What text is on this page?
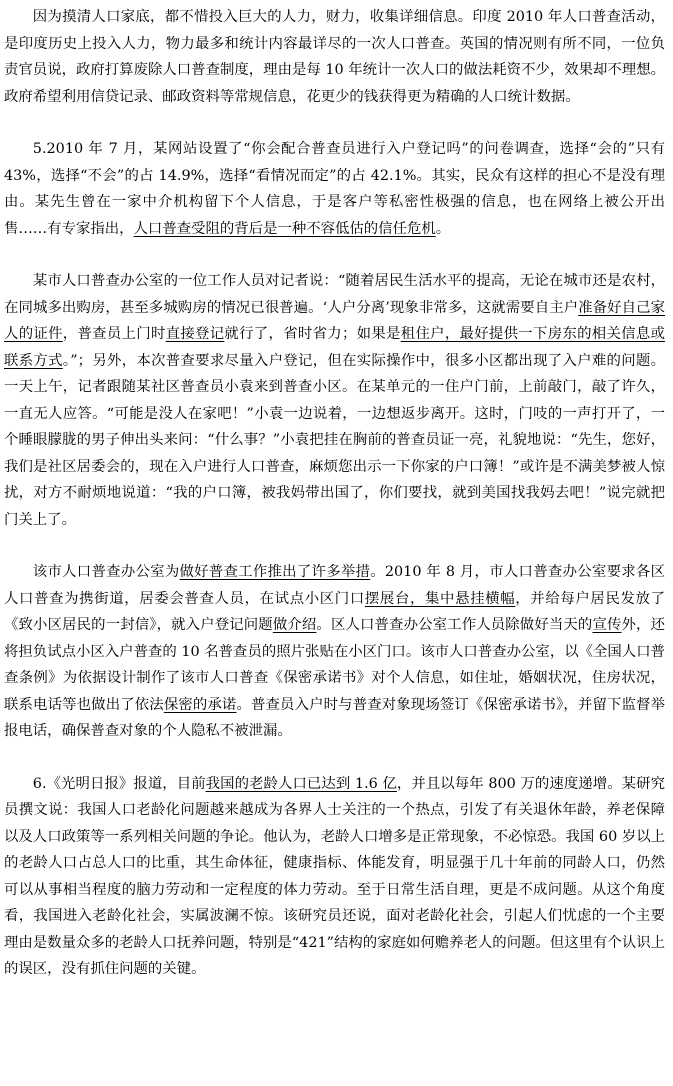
因为摸清人口家底，都不惜投入巨大的人力，财力，收集详细信息。印度 2010 年人口普查活动，是印度历史上投入人力，物力最多和统计内容最详尽的一次人口普查。英国的情况则有所不同，一位负责官员说，政府打算废除人口普查制度，理由是每 10 年统计一次人口的做法耗资不少，效果却不理想。政府希望利用信贷记录、邮政资料等常规信息，花更少的钱获得更为精确的人口统计数据。

5.2010 年 7 月，某网站设置了“你会配合普查员进行入户登记吗”的问卷调查，选择“会的”只有 43%，选择“不会”的占 14.9%，选择“看情况而定”的占 42.1%。其实，民众有这样的担心不是没有理由。某先生曾在一家中介机构留下个人信息，于是客户等私密性极强的信息，也在网络上被公开出售……有专家指出，人口普查受阻的背后是一种不容低估的信任危机。

某市人口普查办公室的一位工作人员对记者说：“随着居民生活水平的提高，无论在城市还是农村，在同城多出购房，甚至多城购房的情况已很普遍。‘人户分离’现象非常多，这就需要自主户准备好自己家人的证件，普查员上门时直接登记就行了，省时省力；如果是租住户，最好提供一下房东的相关信息或联系方式。”；另外，本次普查要求尽量入户登记，但在实际操作中，很多小区都出现了入户难的问题。一天上午，记者跟随某社区普查员小袁来到普查小区。在某单元的一住户门前，上前敲门，敲了许久，一直无人应答。“可能是没人在家吧！”小袁一边说着，一边想返步离开。这时，门吱的一声打开了，一个睡眼朦胧的男子伸出头来问：“什么事？”小袁把挂在胸前的普查员证一亮，礼貌地说：“先生，您好，我们是社区居委会的，现在入户进行人口普查，麻烦您出示一下你家的户口簿！”或许是不满美梦被人惊扰，对方不耐烦地说道：“我的户口簿，被我妈带出国了，你们要找，就到美国找我妈去吧！”说完就把门关上了。

该市人口普查办公室为做好普查工作推出了许多举措。2010 年 8 月，市人口普查办公室要求各区人口普查为携街道，居委会普查人员，在试点小区门口摆展台，集中悬挂横幅，并给每户居民发放了《致小区居民的一封信》，就入户登记问题做介绍。区人口普查办公室工作人员除做好当天的宣传外，还将担负试点小区入户普查的 10 名普查员的照片张贴在小区门口。该市人口普查办公室，以《全国人口普查条例》为依据设计制作了该市人口普查《保密承诺书》对个人信息，如住址，婚姻状况，住房状况，联系电话等也做出了依法保密的承诺。普查员入户时与普查对象现场签订《保密承诺书》，并留下监督举报电话，确保普查对象的个人隐私不被泄漏。

6.《光明日报》报道，目前我国的老龄人口已达到 1.6 亿，并且以每年 800 万的速度递增。某研究员撰文说：我国人口老龄化问题越来越成为各界人士关注的一个热点，引发了有关退休年龄，养老保障以及人口政策等一系列相关问题的争论。他认为，老龄人口增多是正常现象，不必惊恐。我国 60 岁以上的老龄人口占总人口的比重，其生命体征，健康指标、体能发育，明显强于几十年前的同龄人口，仍然可以从事相当程度的脑力劳动和一定程度的体力劳动。至于日常生活自理，更是不成问题。从这个角度看，我国进入老龄化社会，实属波澜不惊。该研究员还说，面对老龄化社会，引起人们忧虑的一个主要理由是数量众多的老龄人口抚养问题，特别是“421”结构的家庭如何赡养老人的问题。但这里有个认识上的误区，没有抓住问题的关键。
